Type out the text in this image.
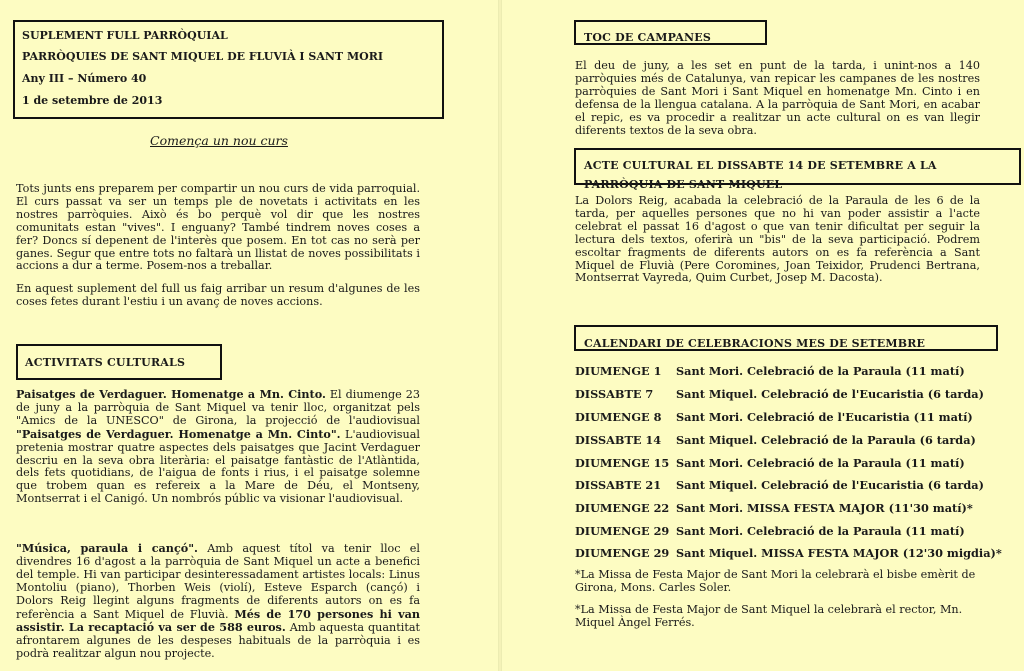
SUPLEMENT FULL PARRÒQUIAL
PARRÒQUIES DE SANT MIQUEL DE FLUVIÀ I SANT MORI
Any III – Número 40
1 de setembre de 2013
Comença un nou curs

Tots junts ens preparem per compartir un nou curs de vida parroquial. El curs passat va ser un temps ple de novetats i activitats en les nostres parròquies. Això és bo perquè vol dir que les nostres comunitats estan "vives". I enguany? També tindrem noves coses a fer? Doncs sí depenent de l'interès que posem. En tot cas no serà per ganes. Segur que entre tots no faltarà un llistat de noves possibilitats i accions a dur a terme. Posem-nos a treballar.

En aquest suplement del full us faig arribar un resum d'algunes de les coses fetes durant l'estiu i un avanç de noves accions.

ACTIVITATS CULTURALS

Paisatges de Verdaguer. Homenatge a Mn. Cinto. El diumenge 23 de juny a la parròquia de Sant Miquel va tenir lloc, organitzat pels "Amics de la UNESCO" de Girona, la projecció de l'audiovisual "Paisatges de Verdaguer. Homenatge a Mn. Cinto". L'audiovisual pretenia mostrar quatre aspectes dels paisatges que Jacint Verdaguer descriu en la seva obra literària: el paisatge fantàstic de l'Atlàntida, dels fets quotidians, de l'aigua de fonts i rius, i el paisatge solemne que trobem quan es refereix a la Mare de Déu, el Montseny, Montserrat i el Canigó. Un nombrós públic va visionar l'audiovisual.

"Música, paraula i cançó". Amb aquest títol va tenir lloc el divendres 16 d'agost a la parròquia de Sant Miquel un acte a benefici del temple. Hi van participar desinteressadament artistes locals: Linus Montoliu (piano), Thorben Weis (violí), Esteve Esparch (cançó) i Dolors Reig llegint alguns fragments de diferents autors on es fa referència a Sant Miquel de Fluvià. Més de 170 persones hi van assistir. La recaptació va ser de 588 euros. Amb aquesta quantitat afrontarem algunes de les despeses habituals de la parròquia i es podrà realitzar algun nou projecte.

TOC DE CAMPANES

El deu de juny, a les set en punt de la tarda, i unint-nos a 140 parròquies més de Catalunya, van repicar les campanes de les nostres parròquies de Sant Mori i Sant Miquel en homenatge Mn. Cinto i en defensa de la llengua catalana. A la parròquia de Sant Mori, en acabar el repic, es va procedir a realitzar un acte cultural on es van llegir diferents textos de la seva obra.

ACTE CULTURAL EL DISSABTE 14 DE SETEMBRE A LA PARRÒQUIA DE SANT MIQUEL

La Dolors Reig, acabada la celebració de la Paraula de les 6 de la tarda, per aquelles persones que no hi van poder assistir a l'acte celebrat el passat 16 d'agost o que van tenir dificultat per seguir la lectura dels textos, oferirà un "bis" de la seva participació. Podrem escoltar fragments de diferents autors on es fa referència a Sant Miquel de Fluvià (Pere Coromines, Joan Teixidor, Prudenci Bertrana, Montserrat Vayreda, Quim Curbet, Josep M. Dacosta).

CALENDARI DE CELEBRACIONS MES DE SETEMBRE
DIUMENGE 1 Sant Mori. Celebració de la Paraula (11 matí)
DISSABTE 7 Sant Miquel. Celebració de l'Eucaristia (6 tarda)
DIUMENGE 8 Sant Mori. Celebració de l'Eucaristia (11 matí)
DISSABTE 14 Sant Miquel. Celebració de la Paraula (6 tarda)
DIUMENGE 15 Sant Mori. Celebració de la Paraula (11 matí)
DISSABTE 21 Sant Miquel. Celebració de l'Eucaristia (6 tarda)
DIUMENGE 22 Sant Mori. MISSA FESTA MAJOR (11'30 matí)*
DIUMENGE 29 Sant Mori. Celebració de la Paraula (11 matí)
DIUMENGE 29 Sant Miquel. MISSA FESTA MAJOR (12'30 migdia)*

*La Missa de Festa Major de Sant Mori la celebrarà el bisbe emèrit de Girona, Mons. Carles Soler.

*La Missa de Festa Major de Sant Miquel la celebrarà el rector, Mn. Miquel Àngel Ferrés.
